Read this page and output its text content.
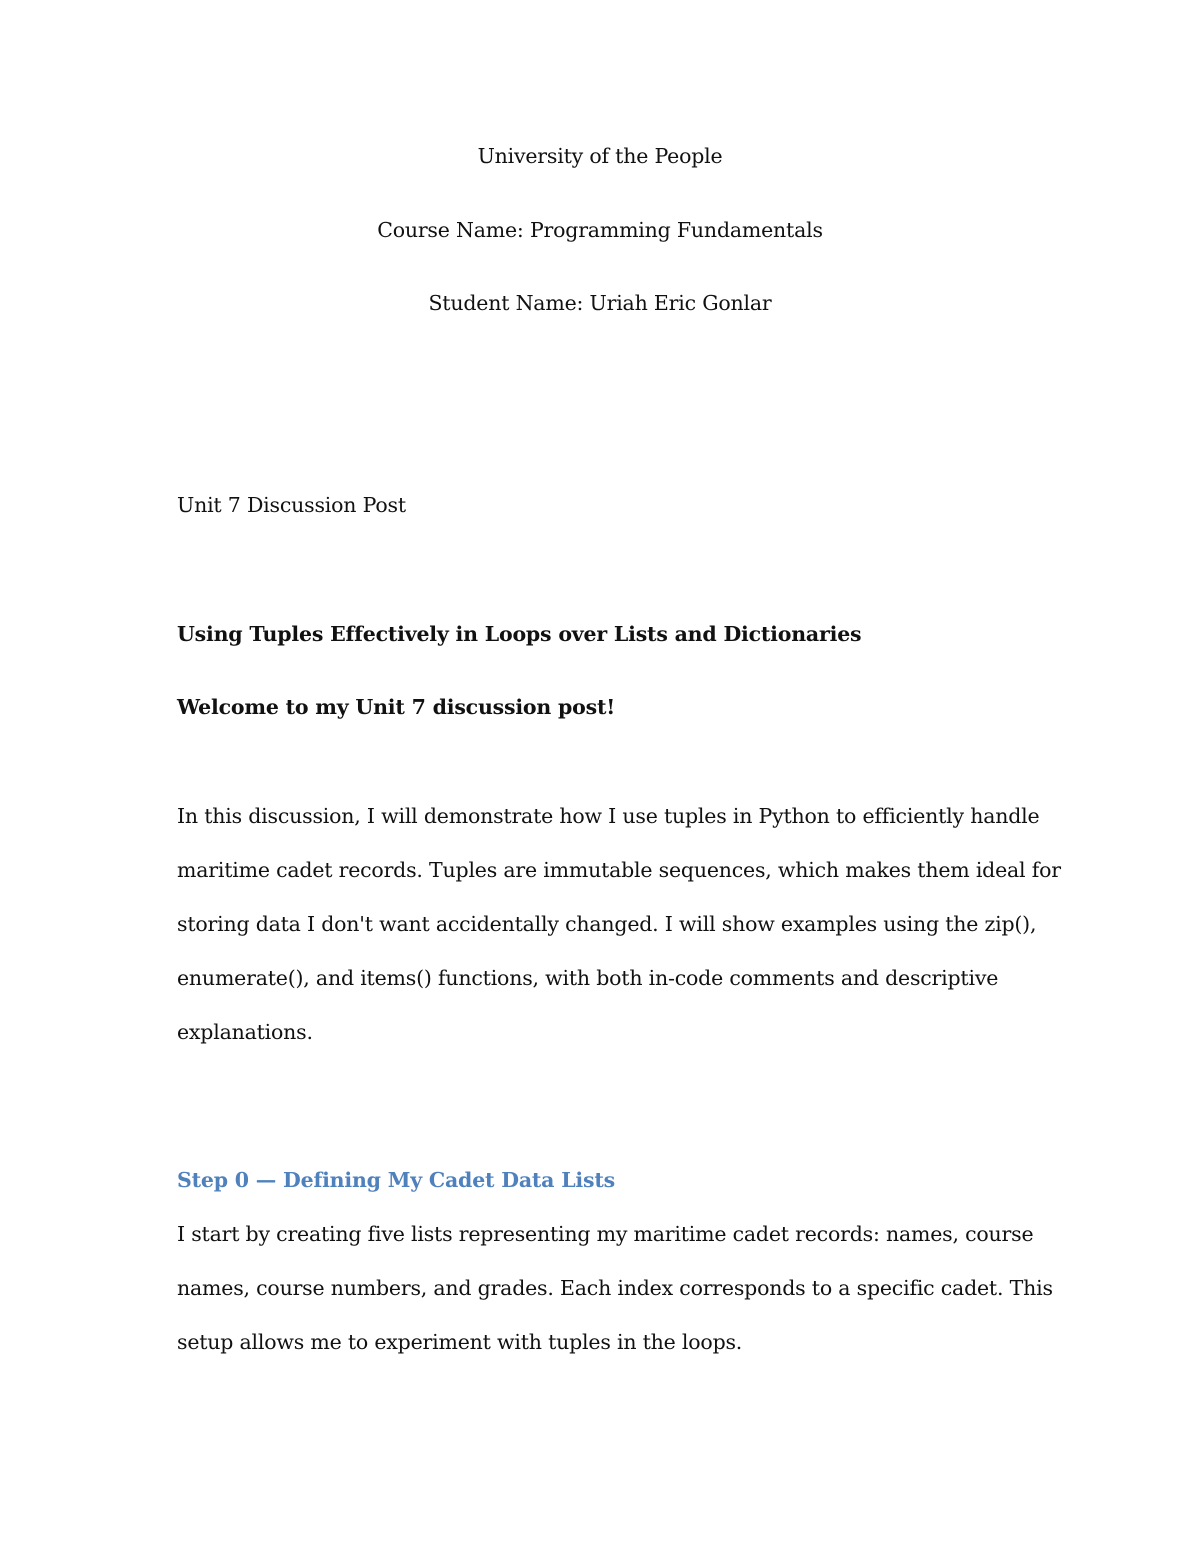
University of the People
Course Name: Programming Fundamentals
Student Name: Uriah Eric Gonlar
Unit 7 Discussion Post
Using Tuples Effectively in Loops over Lists and Dictionaries
Welcome to my Unit 7 discussion post!
In this discussion, I will demonstrate how I use tuples in Python to efficiently handle
maritime cadet records. Tuples are immutable sequences, which makes them ideal for
storing data I don't want accidentally changed. I will show examples using the zip(),
enumerate(), and items() functions, with both in-code comments and descriptive
explanations.
Step 0 — Defining My Cadet Data Lists
I start by creating five lists representing my maritime cadet records: names, course
names, course numbers, and grades. Each index corresponds to a specific cadet. This
setup allows me to experiment with tuples in the loops.
